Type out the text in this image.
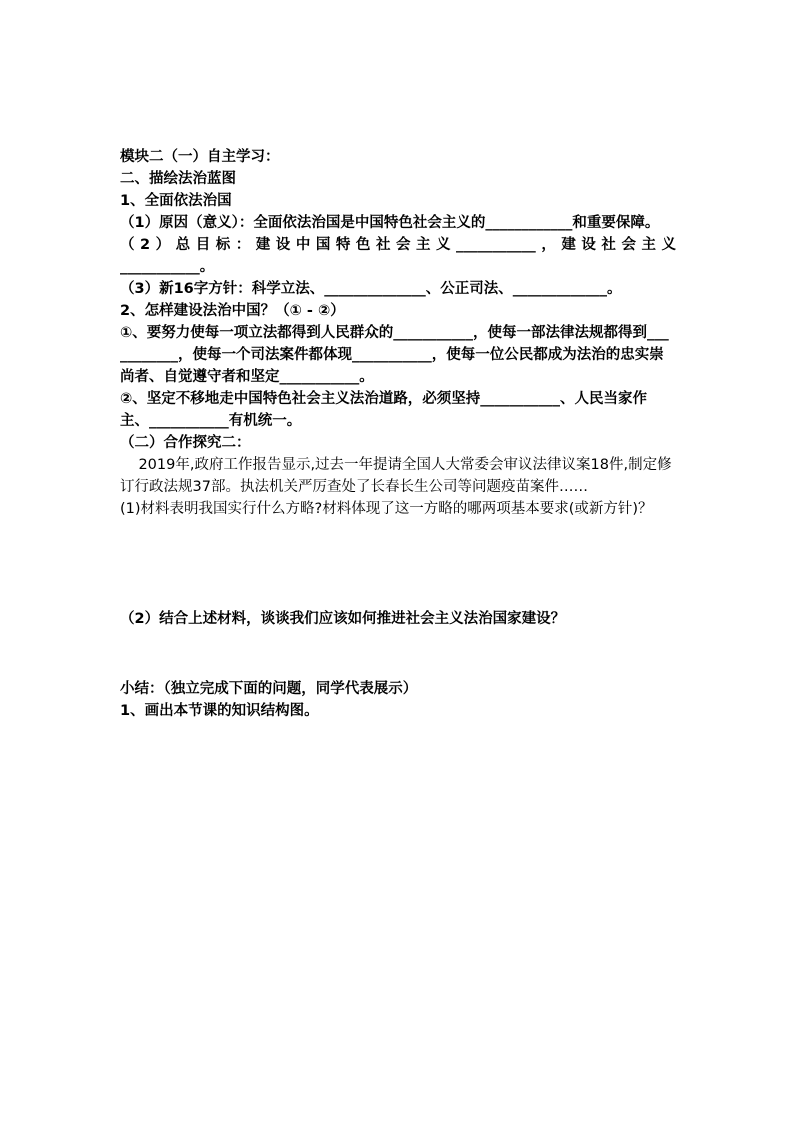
模块二（一）自主学习：
二、描绘法治蓝图
1、全面依法治国
（1）原因（意义）：全面依法治国是中国特色社会主义的____________和重要保障。
（2）总目标：建设中国特色社会主义___________，建设社会主义
___________。
（3）新16字方针：科学立法、______________、公正司法、_____________。
2、怎样建设法治中国？（① - ②）
①、要努力使每一项立法都得到人民群众的___________，使每一部法律法规都得到___________，使每一个司法案件都体现___________，使每一位公民都成为法治的忠实崇尚者、自觉遵守者和坚定___________。
②、坚定不移地走中国特色社会主义法治道路，必须坚持___________、人民当家作主、___________有机统一。
（二）合作探究二：
2019年,政府工作报告显示,过去一年提请全国人大常委会审议法律议案18件,制定修订行政法规37部。执法机关严厉查处了长春长生公司等问题疫苗案件……
(1)材料表明我国实行什么方略?材料体现了这一方略的哪两项基本要求(或新方针)？
（2）结合上述材料，谈谈我们应该如何推进社会主义法治国家建设？
小结：（独立完成下面的问题，同学代表展示）
1、画出本节课的知识结构图。
